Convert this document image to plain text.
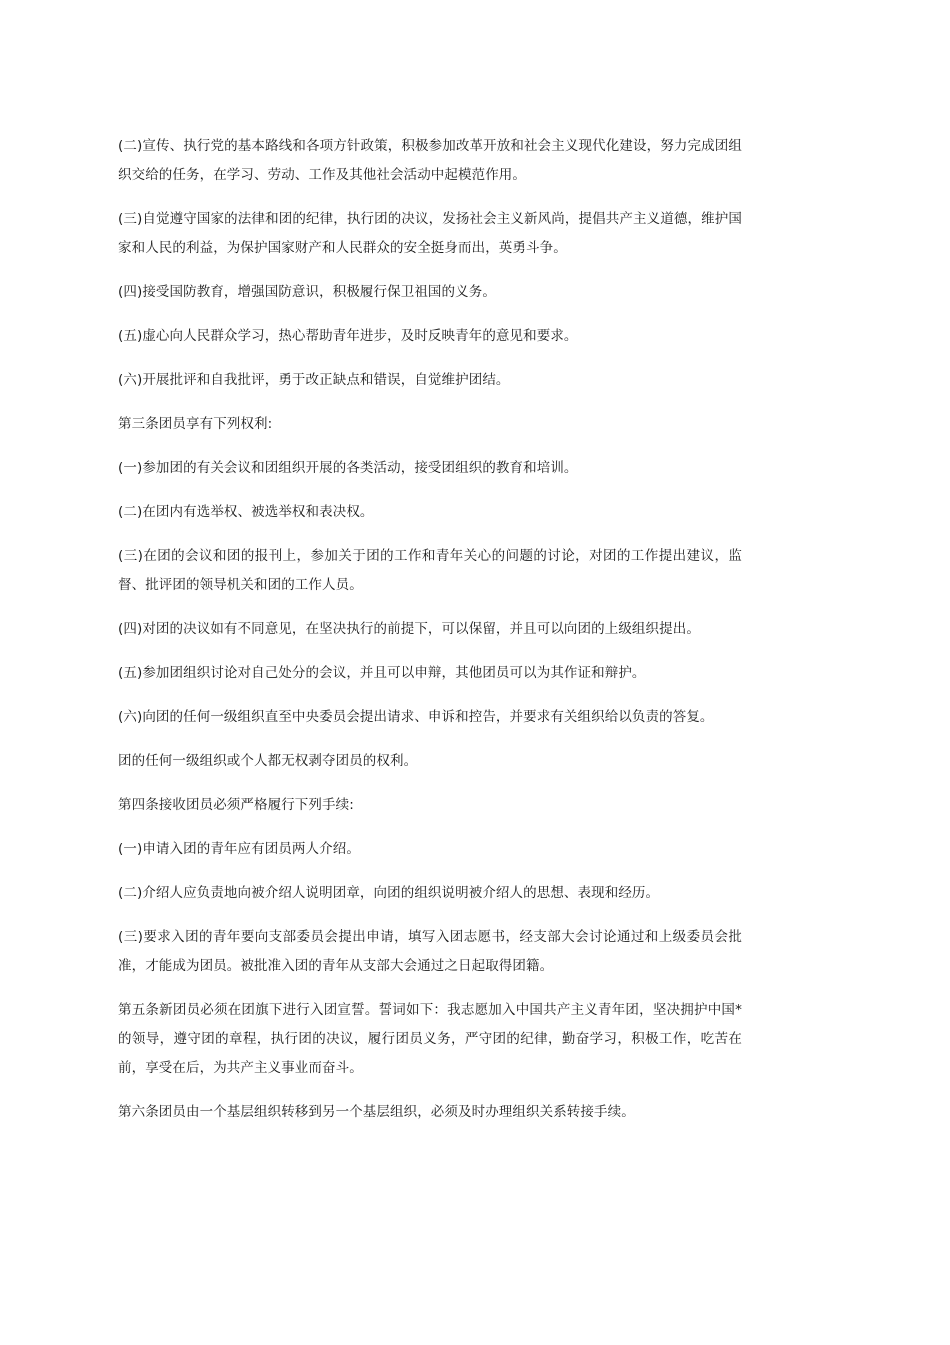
(二)宣传、执行党的基本路线和各项方针政策，积极参加改革开放和社会主义现代化建设，努力完成团组织交给的任务，在学习、劳动、工作及其他社会活动中起模范作用。

(三)自觉遵守国家的法律和团的纪律，执行团的决议，发扬社会主义新风尚，提倡共产主义道德，维护国家和人民的利益，为保护国家财产和人民群众的安全挺身而出，英勇斗争。

(四)接受国防教育，增强国防意识，积极履行保卫祖国的义务。

(五)虚心向人民群众学习，热心帮助青年进步，及时反映青年的意见和要求。

(六)开展批评和自我批评，勇于改正缺点和错误，自觉维护团结。

第三条团员享有下列权利:

(一)参加团的有关会议和团组织开展的各类活动，接受团组织的教育和培训。

(二)在团内有选举权、被选举权和表决权。

(三)在团的会议和团的报刊上，参加关于团的工作和青年关心的问题的讨论，对团的工作提出建议，监督、批评团的领导机关和团的工作人员。

(四)对团的决议如有不同意见，在坚决执行的前提下，可以保留，并且可以向团的上级组织提出。

(五)参加团组织讨论对自己处分的会议，并且可以申辩，其他团员可以为其作证和辩护。

(六)向团的任何一级组织直至中央委员会提出请求、申诉和控告，并要求有关组织给以负责的答复。

团的任何一级组织或个人都无权剥夺团员的权利。

第四条接收团员必须严格履行下列手续:

(一)申请入团的青年应有团员两人介绍。

(二)介绍人应负责地向被介绍人说明团章，向团的组织说明被介绍人的思想、表现和经历。

(三)要求入团的青年要向支部委员会提出申请，填写入团志愿书，经支部大会讨论通过和上级委员会批准，才能成为团员。被批准入团的青年从支部大会通过之日起取得团籍。

第五条新团员必须在团旗下进行入团宣誓。誓词如下：我志愿加入中国共产主义青年团，坚决拥护中国*的领导，遵守团的章程，执行团的决议，履行团员义务，严守团的纪律，勤奋学习，积极工作，吃苦在前，享受在后，为共产主义事业而奋斗。

第六条团员由一个基层组织转移到另一个基层组织，必须及时办理组织关系转接手续。
